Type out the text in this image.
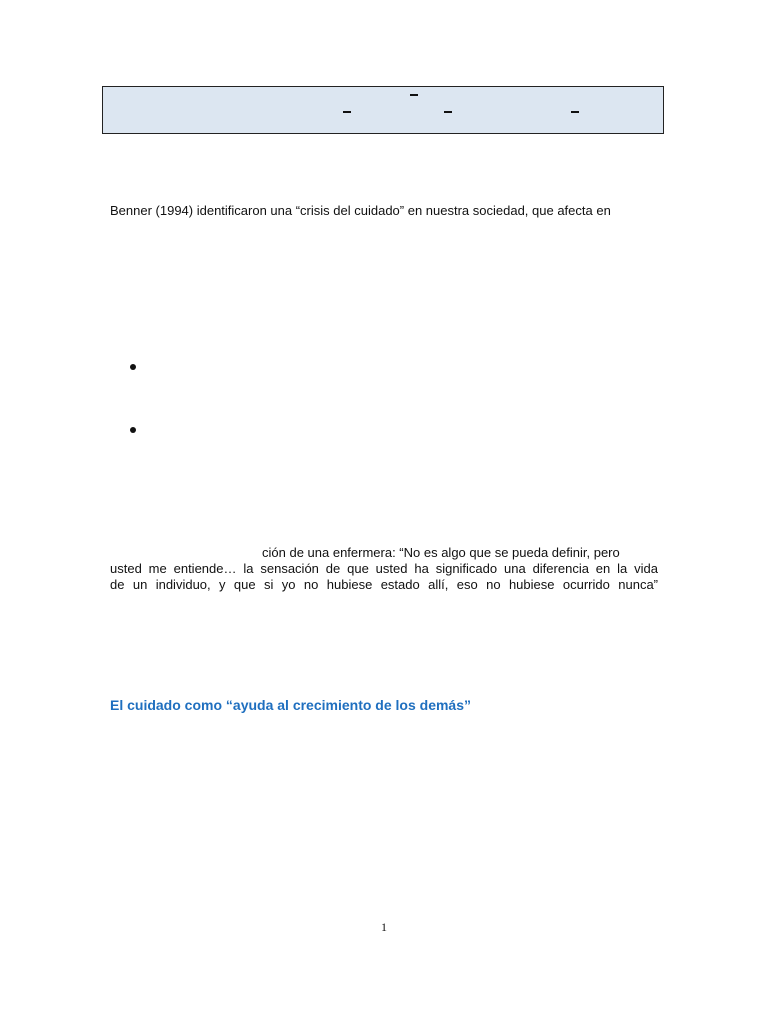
Benner (1994) identificaron una “crisis del cuidado” en nuestra sociedad, que afecta en

ción de una enfermera: “No es algo que se pueda definir, pero

usted me entiende… la sensación de que usted ha significado una diferencia en la vida

de un individuo, y que si yo no hubiese estado allí, eso no hubiese ocurrido nunca”

El cuidado como “ayuda al crecimiento de los demás”
1
